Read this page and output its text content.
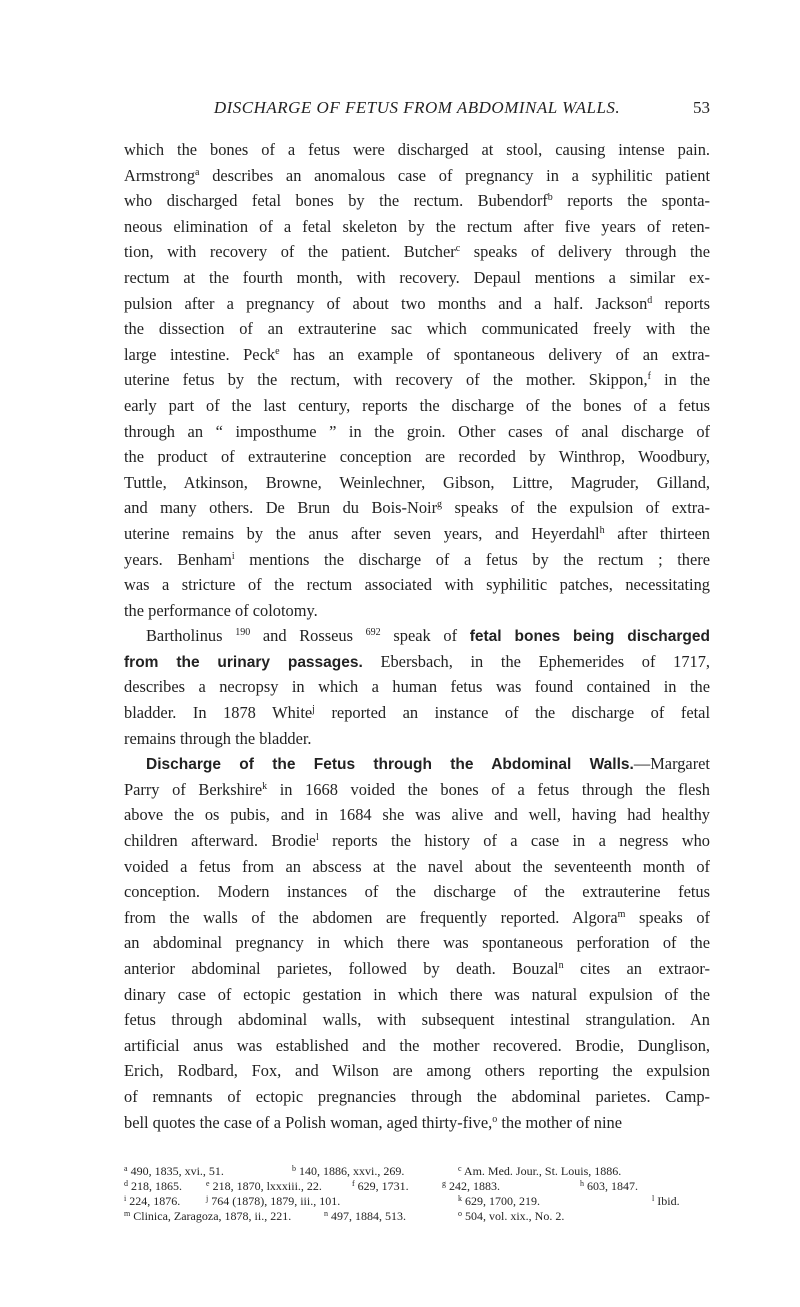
DISCHARGE OF FETUS FROM ABDOMINAL WALLS.	53
which the bones of a fetus were discharged at stool, causing intense pain.
Armstrong$^a$ describes an anomalous case of pregnancy in a syphilitic patient
who discharged fetal bones by the rectum. Bubendorf$^b$ reports the sponta-
neous elimination of a fetal skeleton by the rectum after five years of reten-
tion, with recovery of the patient. Butcher$^c$ speaks of delivery through the
rectum at the fourth month, with recovery. Depaul mentions a similar ex-
pulsion after a pregnancy of about two months and a half. Jackson$^d$ reports
the dissection of an extrauterine sac which communicated freely with the
large intestine. Peck$^e$ has an example of spontaneous delivery of an extra-
uterine fetus by the rectum, with recovery of the mother. Skippon,$^f$ in the
early part of the last century, reports the discharge of the bones of a fetus
through an “ imposthume ” in the groin. Other cases of anal discharge of
the product of extrauterine conception are recorded by Winthrop, Woodbury,
Tuttle, Atkinson, Browne, Weinlechner, Gibson, Littre, Magruder, Gilland,
and many others. De Brun du Bois-Noir$^g$ speaks of the expulsion of extra-
uterine remains by the anus after seven years, and Heyerdahl$^h$ after thirteen
years. Benham$^i$ mentions the discharge of a fetus by the rectum ; there
was a stricture of the rectum associated with syphilitic patches, necessitating
the performance of colotomy.
Bartholinus $^{190}$ and Rosseus $^{692}$ speak of fetal bones being discharged
from the urinary passages. Ebersbach, in the Ephemerides of 1717,
describes a necropsy in which a human fetus was found contained in the
bladder. In 1878 White$^j$ reported an instance of the discharge of fetal
remains through the bladder.
Discharge of the Fetus through the Abdominal Walls.—Margaret
Parry of Berkshire$^k$ in 1668 voided the bones of a fetus through the flesh
above the os pubis, and in 1684 she was alive and well, having had healthy
children afterward. Brodie$^l$ reports the history of a case in a negress who
voided a fetus from an abscess at the navel about the seventeenth month of
conception. Modern instances of the discharge of the extrauterine fetus
from the walls of the abdomen are frequently reported. Algora$^m$ speaks of
an abdominal pregnancy in which there was spontaneous perforation of the
anterior abdominal parietes, followed by death. Bouzal$^n$ cites an extraor-
dinary case of ectopic gestation in which there was natural expulsion of the
fetus through abdominal walls, with subsequent intestinal strangulation. An
artificial anus was established and the mother recovered. Brodie, Dunglison,
Erich, Rodbard, Fox, and Wilson are among others reporting the expulsion
of remnants of ectopic pregnancies through the abdominal parietes. Camp-
bell quotes the case of a Polish woman, aged thirty-five,$^o$ the mother of nine
$^a$ 490, 1835, xvi., 51.	$^b$ 140, 1886, xxvi., 269.	$^c$ Am. Med. Jour., St. Louis, 1886.
$^d$ 218, 1865.	$^e$ 218, 1870, lxxxiii., 22.	$^f$ 629, 1731.	$^g$ 242, 1883.	$^h$ 603, 1847.
$^i$ 224, 1876.	$^j$ 764 (1878), 1879, iii., 101.	$^k$ 629, 1700, 219.	$^l$ Ibid.
$^m$ Clinica, Zaragoza, 1878, ii., 221.	$^n$ 497, 1884, 513.	$^o$ 504, vol. xix., No. 2.
